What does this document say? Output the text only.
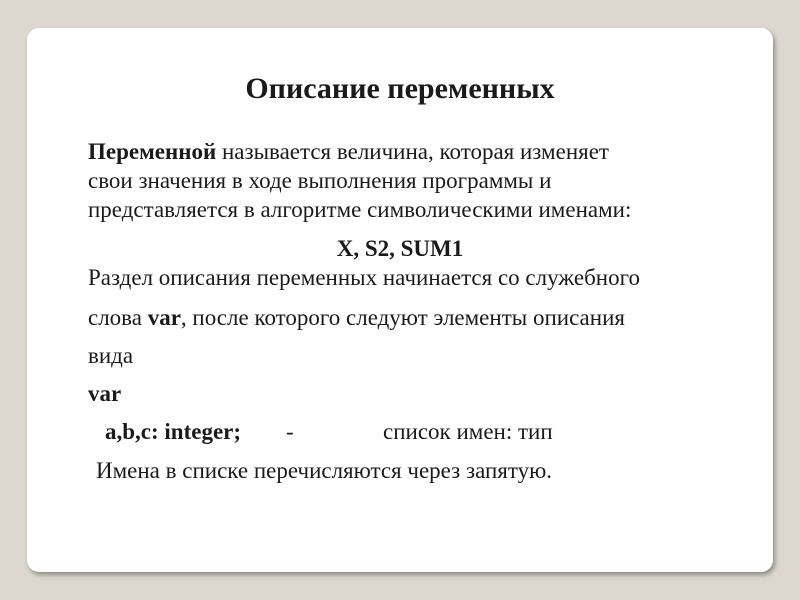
Описание переменных
Переменной называется величина, которая изменяет
свои значения в ходе выполнения программы и
представляется в алгоритме символическими именами:
X, S2, SUM1
Раздел описания переменных начинается со служебного
слова var, после которого следуют элементы описания
вида
var
a,b,c: integer; -	список имен: тип
Имена в списке перечисляются через запятую.
